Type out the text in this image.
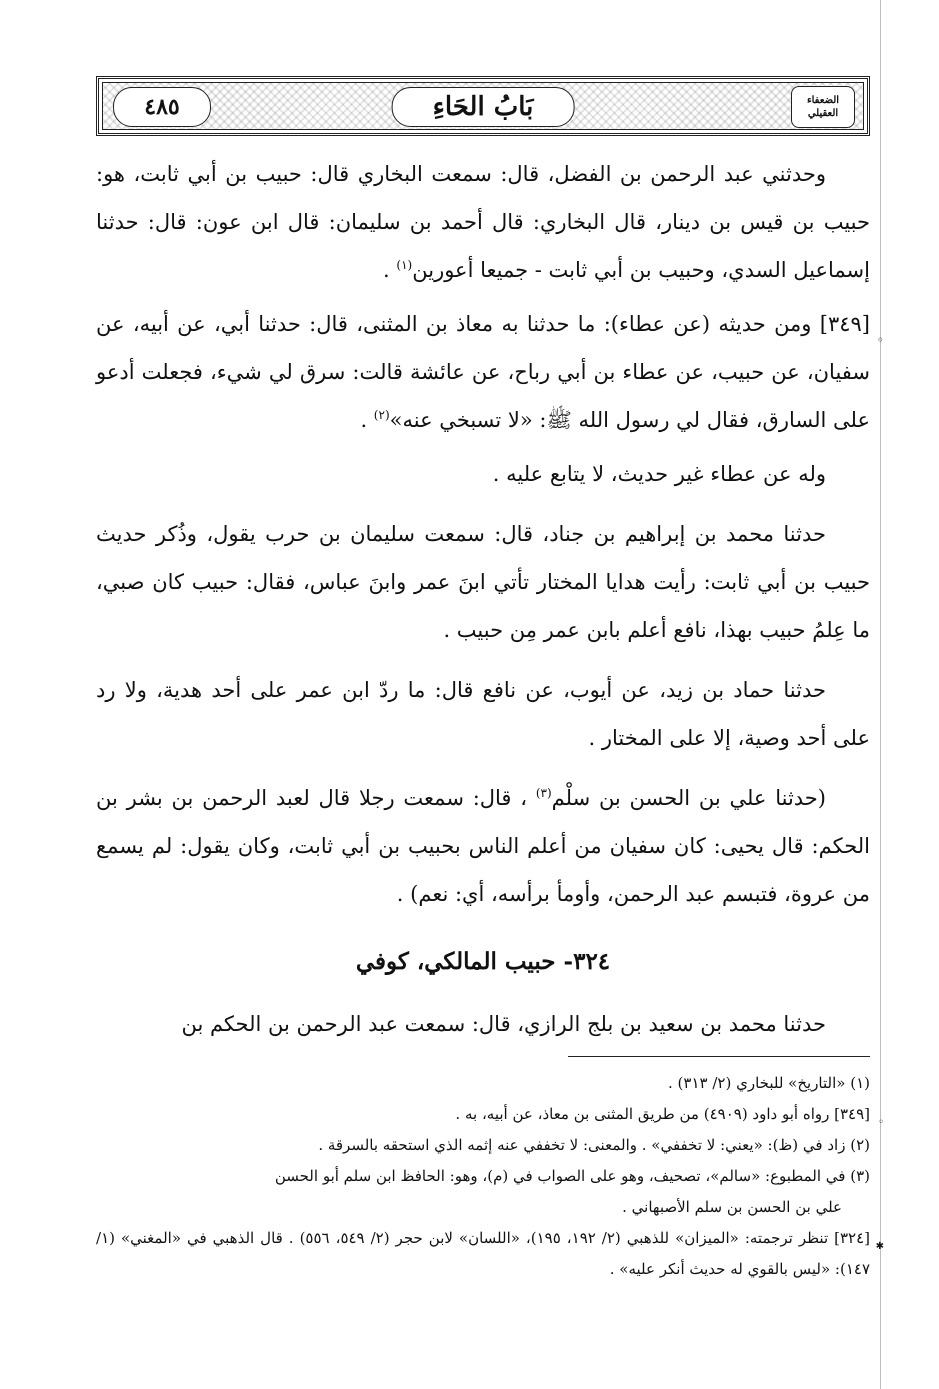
٤٨٥	بَابُ الحَاءِ	الضعفاء
العقيلي

وحدثني عبد الرحمن بن الفضل، قال: سمعت البخاري قال: حبيب بن أبي ثابت، هو: حبيب بن قيس بن دينار، قال البخاري: قال أحمد بن سليمان: قال ابن عون: قال: حدثنا إسماعيل السدي، وحبيب بن أبي ثابت - جميعا أعورين$^{(١)}$ .

◦
[٣٤٩] ومن حديثه (عن عطاء): ما حدثنا به معاذ بن المثنى، قال: حدثنا أبي، عن أبيه، عن سفيان، عن حبيب، عن عطاء بن أبي رباح، عن عائشة قالت: سرق لي شيء، فجعلت أدعو على السارق، فقال لي رسول الله ﷺ: «لا تسبخي عنه»$^{(٢)}$ .

وله عن عطاء غير حديث، لا يتابع عليه .

حدثنا محمد بن إبراهيم بن جناد، قال: سمعت سليمان بن حرب يقول، وذُكر حديث حبيب بن أبي ثابت: رأيت هدايا المختار تأتي ابنَ عمر وابنَ عباس، فقال: حبيب كان صبي، ما عِلمُ حبيب بهذا، نافع أعلم بابن عمر مِن حبيب .

حدثنا حماد بن زيد، عن أيوب، عن نافع قال: ما ردّ ابن عمر على أحد هدية، ولا رد على أحد وصية، إلا على المختار .

(حدثنا علي بن الحسن بن سلْم$^{(٣)}$ ، قال: سمعت رجلا قال لعبد الرحمن بن بشر بن الحكم: قال يحيى: كان سفيان من أعلم الناس بحبيب بن أبي ثابت، وكان يقول: لم يسمع من عروة، فتبسم عبد الرحمن، وأومأ برأسه، أي: نعم) .

٣٢٤- حبيب المالكي، كوفي

حدثنا محمد بن سعيد بن بلج الرازي، قال: سمعت عبد الرحمن بن الحكم بن

(١) «التاريخ» للبخاري (٢/ ٣١٣) .

◦
[٣٤٩] رواه أبو داود (٤٩٠٩) من طريق المثنى بن معاذ، عن أبيه، به .

(٢) زاد في (ظ): «يعني: لا تخففي» . والمعنى: لا تخففي عنه إثمه الذي استحقه بالسرقة .

(٣) في المطبوع: «سالم»، تصحيف، وهو على الصواب في (م)، وهو: الحافظ ابن سلم أبو الحسن

علي بن الحسن بن سلم الأصبهاني .

✱
[٣٢٤] تنظر ترجمته: «الميزان» للذهبي (٢/ ١٩٢، ١٩٥)، «اللسان» لابن حجر (٢/ ٥٤٩، ٥٥٦) . قال الذهبي في «المغني» (١/ ١٤٧): «ليس بالقوي له حديث أنكر عليه» .
